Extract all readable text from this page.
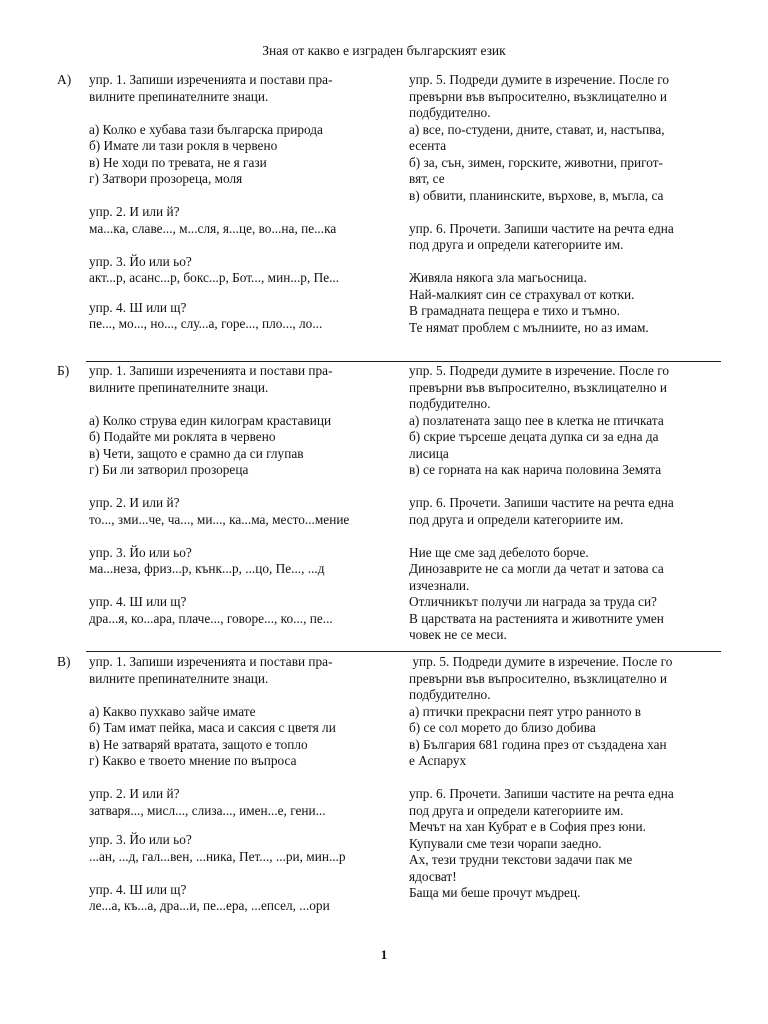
Зная от какво е изграден българският език
А) упр. 1. Запиши изреченията и постави пра-

вилните препинателните знаци.

а) Колко е хубава тази българска природа

б) Имате ли тази рокля в червено

в) Не ходи по тревата, не я гази

г) Затвори прозореца, моля

упр. 2. И или й?

ма...ка, славе..., м...сля, я...це, во...на, пе...ка

упр. 3. Йо или ьо?

акт...р, асанс...р, бокс...р, Бот..., мин...р, Пе...

упр. 4. Ш или щ?

пе..., мо..., но..., слу...а, горе..., пло..., ло...

упр. 5. Подреди думите в изречение. После го

превърни във въпросително, възклицателно и

подбудително.

а) все, по-студени, дните, стават, и, настъпва,

есента

б) за, сън, зимен, горските, животни, пригот-

вят, се

в) обвити, планинските, върхове, в, мъгла, са

упр. 6. Прочети. Запиши частите на речта една

под друга и определи категориите им.

Живяла някога зла магьосница.

Най-малкият син се страхувал от котки.

В грамадната пещера е тихо и тъмно.

Те нямат проблем с мълниите, но аз имам.

Б) упр. 1. Запиши изреченията и постави пра-

вилните препинателните знаци.

а) Колко струва един килограм краставици

б) Подайте ми роклята в червено

в) Чети, защото е срамно да си глупав

г) Би ли затворил прозореца

упр. 2. И или й?

то..., зми...че, ча..., ми..., ка...ма, место...мение

упр. 3. Йо или ьо?

ма...неза, фриз...р, кънк...р, ...цо, Пе..., ...д

упр. 4. Ш или щ?

дра...я, ко...ара, плаче..., говоре..., ко..., пе...

упр. 5. Подреди думите в изречение. После го

превърни във въпросително, възклицателно и

подбудително.

а) позлатената защо пее в клетка не птичката

б) скрие търсеше децата дупка си за една да

лисица

в) се горната на как нарича половина Земята

упр. 6. Прочети. Запиши частите на речта една

под друга и определи категориите им.

Ние ще сме зад дебелото борче.

Динозаврите не са могли да четат и затова са

изчезнали.

Отличникът получи ли награда за труда си?

В царствата на растенията и животните умен

човек не се меси.

В) упр. 1. Запиши изреченията и постави пра-

вилните препинателните знаци.

а) Какво пухкаво зайче имате

б) Там имат пейка, маса и саксия с цветя ли

в) Не затваряй вратата, защото е топло

г) Какво е твоето мнение по въпроса

упр. 2. И или й?

затваря..., мисл..., слиза..., имен...е, гени...

упр. 3. Йо или ьо?

...ан, ...д, гал...вен, ...ника, Пет..., ...ри, мин...р

упр. 4. Ш или щ?

ле...а, къ...а, дра...и, пе...ера, ...епсел, ...ори

упр. 5. Подреди думите в изречение. После го

превърни във въпросително, възклицателно и

подбудително.

а) птички прекрасни пеят утро ранното в

б) се сол морето до близо добива

в) България 681 година през от създадена хан

е Аспарух

упр. 6. Прочети. Запиши частите на речта една

под друга и определи категориите им.

Мечът на хан Кубрат е в София през юни.

Купували сме тези чорапи заедно.

Ах, тези трудни текстови задачи пак ме

ядосват!

Баща ми беше прочут мъдрец.

1
